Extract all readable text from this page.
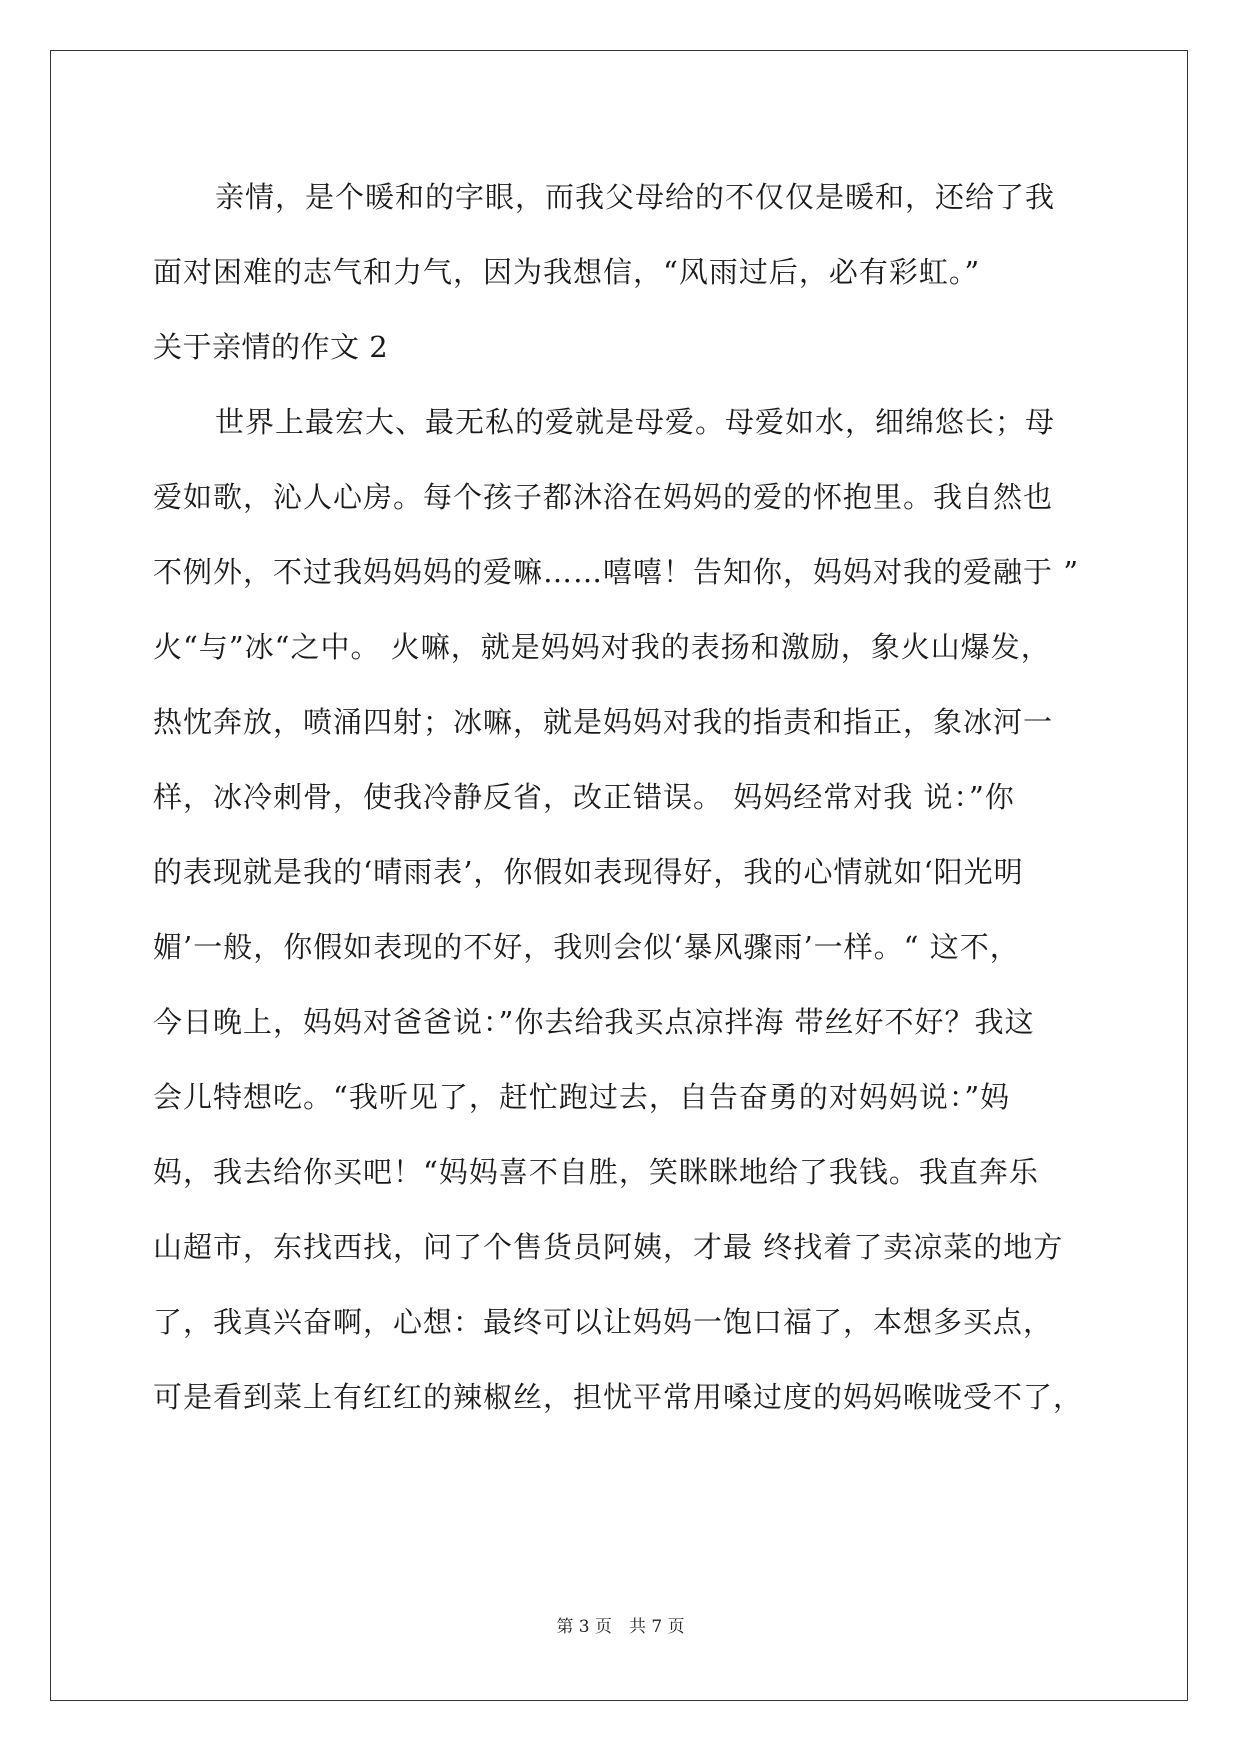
亲情，是个暖和的字眼，而我父母给的不仅仅是暖和，还给了我
面对困难的志气和力气，因为我想信，“风雨过后，必有彩虹。”
关于亲情的作文 2
世界上最宏大、最无私的爱就是母爱。母爱如水，细绵悠长；母
爱如歌，沁人心房。每个孩子都沐浴在妈妈的爱的怀抱里。我自然也
不例外，不过我妈妈妈的爱嘛……嘻嘻！告知你，妈妈对我的爱融于 ”
火“与”冰“之中。 火嘛，就是妈妈对我的表扬和激励，象火山爆发，
热忱奔放，喷涌四射；冰嘛，就是妈妈对我的指责和指正，象冰河一
样，冰冷刺骨，使我冷静反省，改正错误。 妈妈经常对我 说：”你
的表现就是我的‘晴雨表’，你假如表现得好，我的心情就如‘阳光明
媚’一般，你假如表现的不好，我则会似‘暴风骤雨’一样。“ 这不，
今日晚上，妈妈对爸爸说：”你去给我买点凉拌海 带丝好不好？我这
会儿特想吃。“我听见了，赶忙跑过去，自告奋勇的对妈妈说：”妈
妈，我去给你买吧！“妈妈喜不自胜，笑眯眯地给了我钱。我直奔乐
山超市，东找西找，问了个售货员阿姨，才最 终找着了卖凉菜的地方
了，我真兴奋啊，心想：最终可以让妈妈一饱口福了，本想多买点，
可是看到菜上有红红的辣椒丝，担忧平常用嗓过度的妈妈喉咙受不了，
第 3 页　共 7 页
